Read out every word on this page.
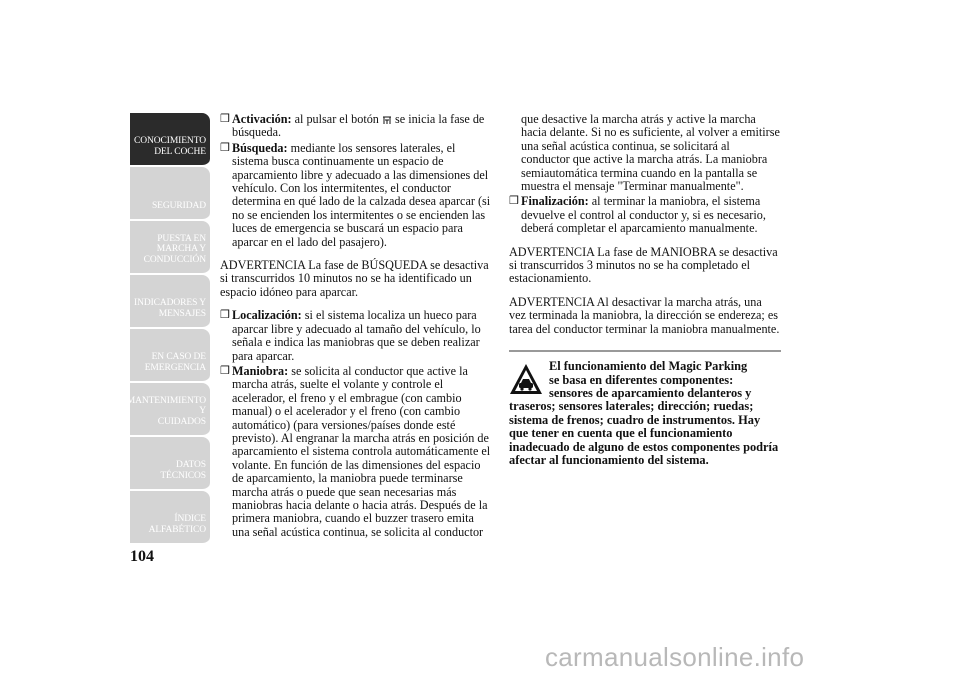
CONOCIMIENTO
DEL COCHE
SEGURIDAD
PUESTA EN
MARCHA Y
CONDUCCIÓN
INDICADORES Y
MENSAJES
EN CASO DE
EMERGENCIA
MANTENIMIENTO Y
CUIDADOS
DATOS TÉCNICOS
ÍNDICE
ALFABÉTICO
104
❒ Activación: al pulsar el botón  se inicia la fase de búsqueda.
❒ Búsqueda: mediante los sensores laterales, el sistema busca continuamente un espacio de aparcamiento libre y adecuado a las dimensiones del vehículo. Con los intermitentes, el conductor determina en qué lado de la calzada desea aparcar (si no se encienden los intermitentes o se encienden las luces de emergencia se buscará un espacio para aparcar en el lado del pasajero).

ADVERTENCIA La fase de BÚSQUEDA se desactiva si transcurridos 10 minutos no se ha identificado un espacio idóneo para aparcar.

❒ Localización: si el sistema localiza un hueco para aparcar libre y adecuado al tamaño del vehículo, lo señala e indica las maniobras que se deben realizar para aparcar.
❒ Maniobra: se solicita al conductor que active la marcha atrás, suelte el volante y controle el acelerador, el freno y el embrague (con cambio manual) o el acelerador y el freno (con cambio automático) (para versiones/países donde esté previsto). Al engranar la marcha atrás en posición de aparcamiento el sistema controla automáticamente el volante. En función de las dimensiones del espacio de aparcamiento, la maniobra puede terminarse marcha atrás o puede que sean necesarias más maniobras hacia delante o hacia atrás. Después de la primera maniobra, cuando el buzzer trasero emita una señal acústica continua, se solicita al conductor
que desactive la marcha atrás y active la marcha hacia delante. Si no es suficiente, al volver a emitirse una señal acústica continua, se solicitará al conductor que active la marcha atrás. La maniobra semiautomática termina cuando en la pantalla se muestra el mensaje "Terminar manualmente".
❒ Finalización: al terminar la maniobra, el sistema devuelve el control al conductor y, si es necesario, deberá completar el aparcamiento manualmente.

ADVERTENCIA La fase de MANIOBRA se desactiva si transcurridos 3 minutos no se ha completado el estacionamiento.

ADVERTENCIA Al desactivar la marcha atrás, una vez terminada la maniobra, la dirección se endereza; es tarea del conductor terminar la maniobra manualmente.

El funcionamiento del Magic Parking
se basa en diferentes componentes:
sensores de aparcamiento delanteros y
traseros; sensores laterales; dirección; ruedas; sistema de frenos; cuadro de instrumentos. Hay que tener en cuenta que el funcionamiento inadecuado de alguno de estos componentes podría afectar al funcionamiento del sistema.
carmanualsonline.info
